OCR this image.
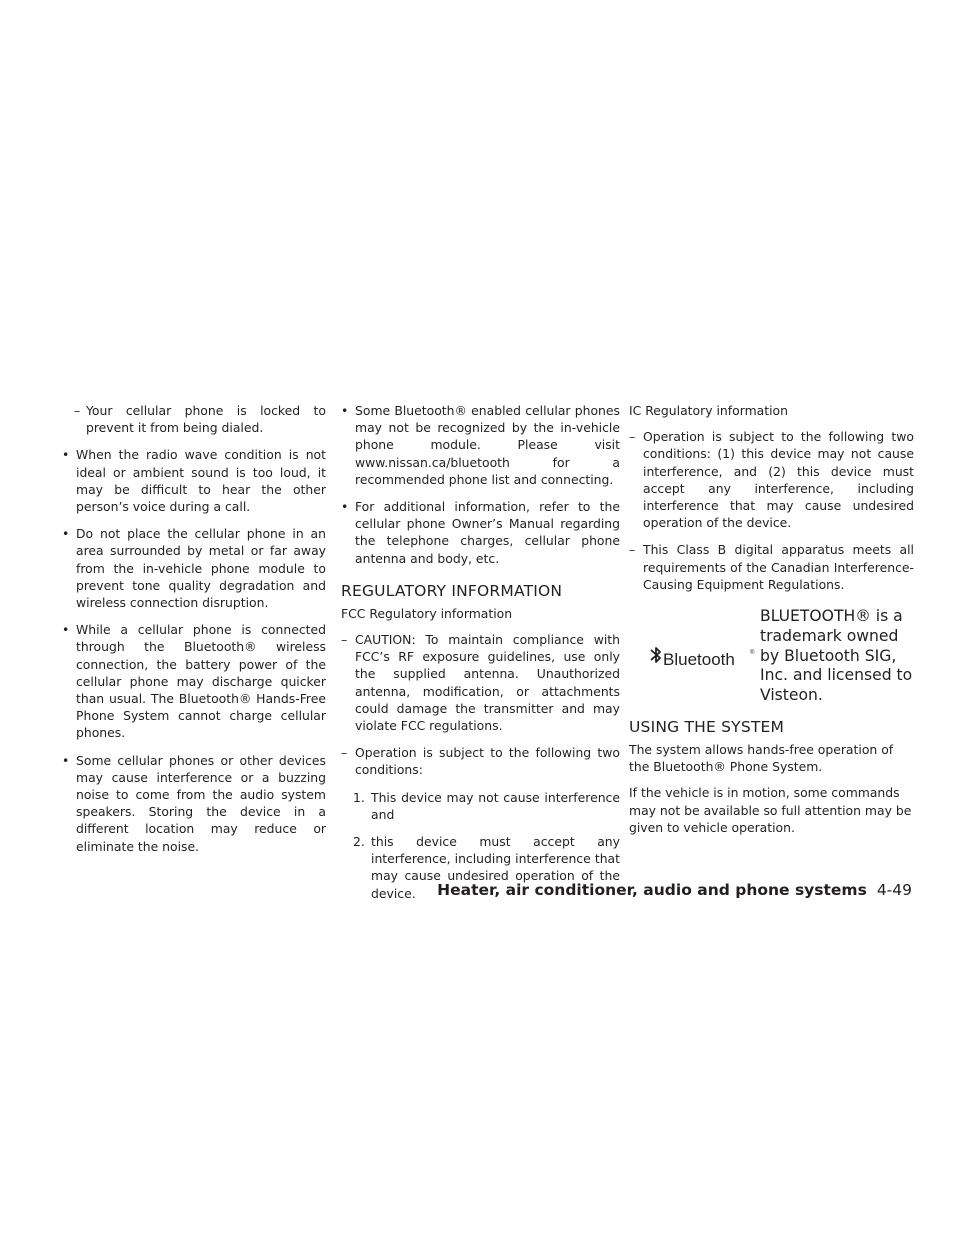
– Your cellular phone is locked to prevent it from being dialed.
• When the radio wave condition is not ideal or ambient sound is too loud, it may be difficult to hear the other person’s voice during a call.
• Do not place the cellular phone in an area surrounded by metal or far away from the in-vehicle phone module to prevent tone quality degradation and wireless connection disruption.
• While a cellular phone is connected through the Bluetooth® wireless connection, the battery power of the cellular phone may discharge quicker than usual. The Bluetooth® Hands-Free Phone System cannot charge cellular phones.
• Some cellular phones or other devices may cause interference or a buzzing noise to come from the audio system speakers. Storing the device in a different location may reduce or eliminate the noise.
• Some Bluetooth® enabled cellular phones may not be recognized by the in-vehicle phone module. Please visit www.nissan.ca/bluetooth for a recommended phone list and connecting.
• For additional information, refer to the cellular phone Owner’s Manual regarding the telephone charges, cellular phone antenna and body, etc.
REGULATORY INFORMATION
FCC Regulatory information
– CAUTION: To maintain compliance with FCC’s RF exposure guidelines, use only the supplied antenna. Unauthorized antenna, modification, or attachments could damage the transmitter and may violate FCC regulations.
– Operation is subject to the following two conditions:
1. This device may not cause interference and
2. this device must accept any interference, including interference that may cause undesired operation of the device.
IC Regulatory information
– Operation is subject to the following two conditions: (1) this device may not cause interference, and (2) this device must accept any interference, including interference that may cause undesired operation of the device.
– This Class B digital apparatus meets all requirements of the Canadian Interference-Causing Equipment Regulations.
Bluetooth	®
BLUETOOTH® is a trademark owned by Bluetooth SIG, Inc. and licensed to Visteon.
USING THE SYSTEM
The system allows hands-free operation of the Bluetooth® Phone System.
If the vehicle is in motion, some commands may not be available so full attention may be given to vehicle operation.
Heater, air conditioner, audio and phone systems 4-49
